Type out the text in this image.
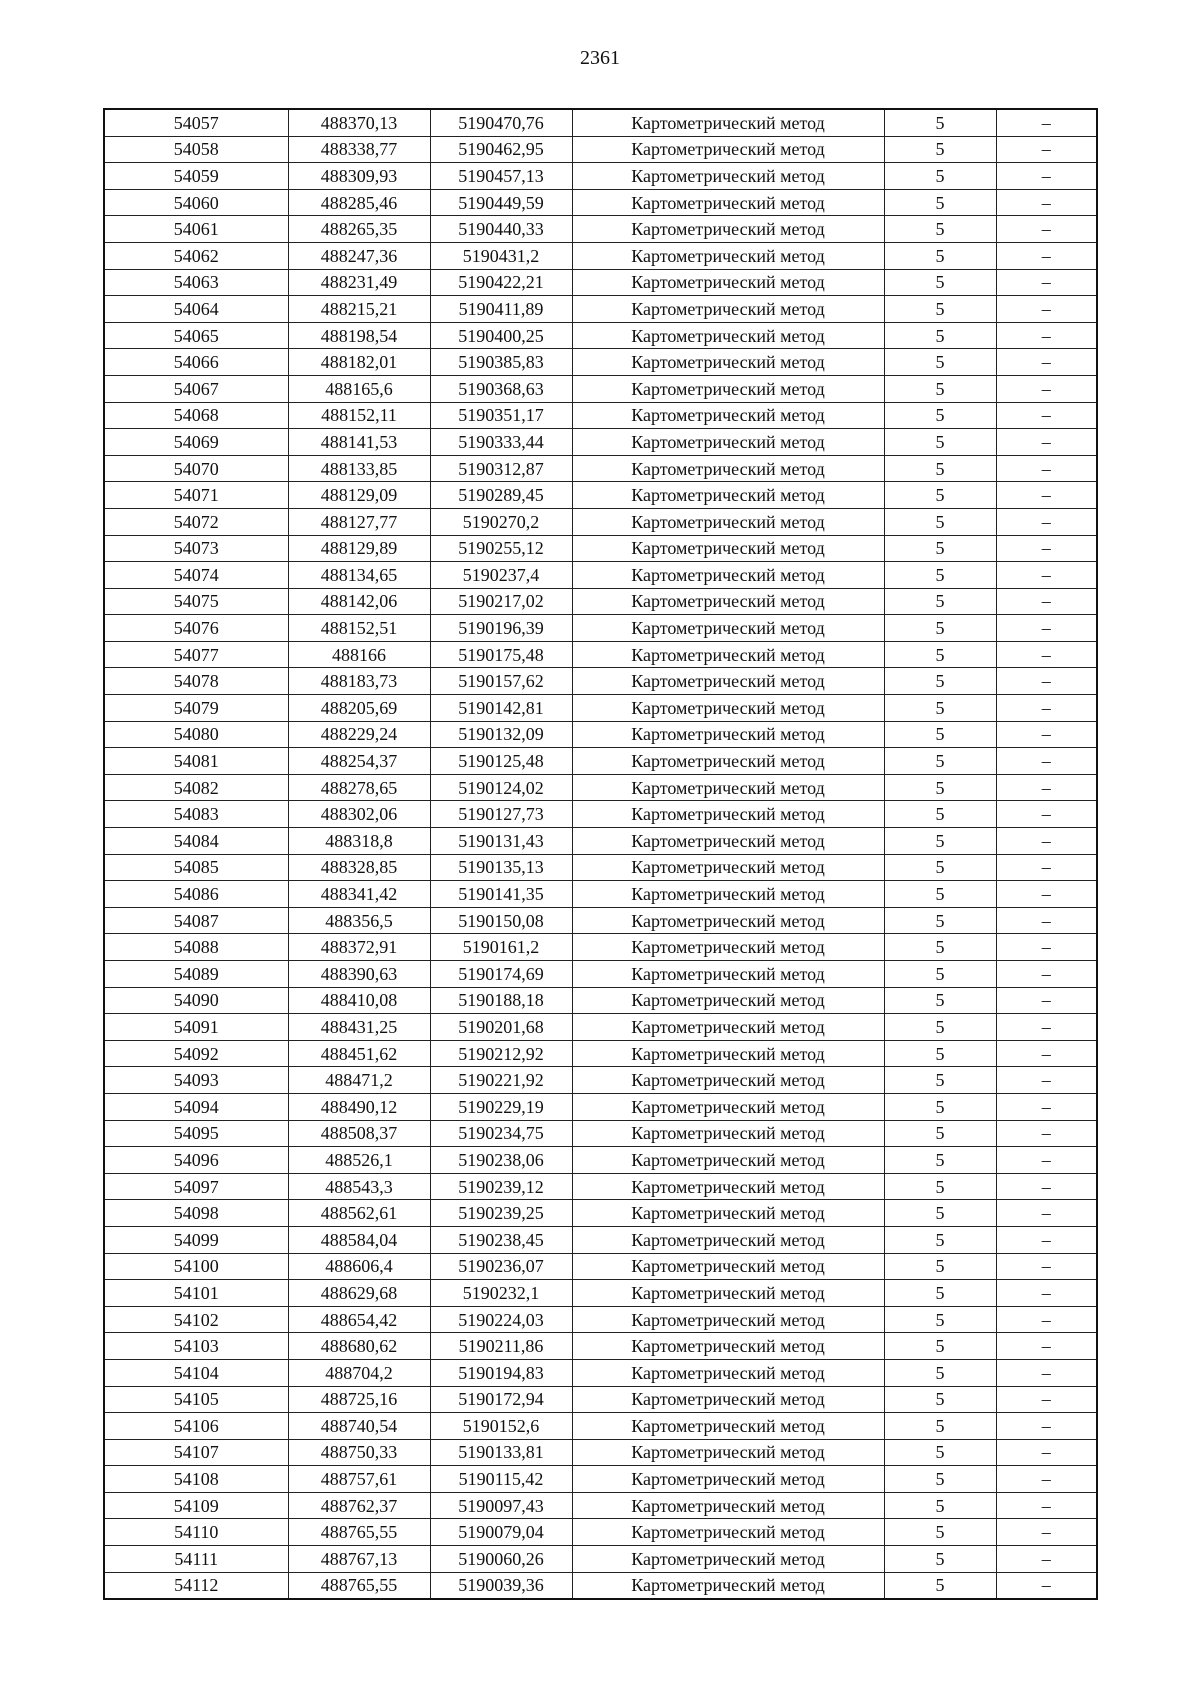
2361
54057	488370,13	5190470,76	Картометрический метод	5	–
54058	488338,77	5190462,95	Картометрический метод	5	–
54059	488309,93	5190457,13	Картометрический метод	5	–
54060	488285,46	5190449,59	Картометрический метод	5	–
54061	488265,35	5190440,33	Картометрический метод	5	–
54062	488247,36	5190431,2	Картометрический метод	5	–
54063	488231,49	5190422,21	Картометрический метод	5	–
54064	488215,21	5190411,89	Картометрический метод	5	–
54065	488198,54	5190400,25	Картометрический метод	5	–
54066	488182,01	5190385,83	Картометрический метод	5	–
54067	488165,6	5190368,63	Картометрический метод	5	–
54068	488152,11	5190351,17	Картометрический метод	5	–
54069	488141,53	5190333,44	Картометрический метод	5	–
54070	488133,85	5190312,87	Картометрический метод	5	–
54071	488129,09	5190289,45	Картометрический метод	5	–
54072	488127,77	5190270,2	Картометрический метод	5	–
54073	488129,89	5190255,12	Картометрический метод	5	–
54074	488134,65	5190237,4	Картометрический метод	5	–
54075	488142,06	5190217,02	Картометрический метод	5	–
54076	488152,51	5190196,39	Картометрический метод	5	–
54077	488166	5190175,48	Картометрический метод	5	–
54078	488183,73	5190157,62	Картометрический метод	5	–
54079	488205,69	5190142,81	Картометрический метод	5	–
54080	488229,24	5190132,09	Картометрический метод	5	–
54081	488254,37	5190125,48	Картометрический метод	5	–
54082	488278,65	5190124,02	Картометрический метод	5	–
54083	488302,06	5190127,73	Картометрический метод	5	–
54084	488318,8	5190131,43	Картометрический метод	5	–
54085	488328,85	5190135,13	Картометрический метод	5	–
54086	488341,42	5190141,35	Картометрический метод	5	–
54087	488356,5	5190150,08	Картометрический метод	5	–
54088	488372,91	5190161,2	Картометрический метод	5	–
54089	488390,63	5190174,69	Картометрический метод	5	–
54090	488410,08	5190188,18	Картометрический метод	5	–
54091	488431,25	5190201,68	Картометрический метод	5	–
54092	488451,62	5190212,92	Картометрический метод	5	–
54093	488471,2	5190221,92	Картометрический метод	5	–
54094	488490,12	5190229,19	Картометрический метод	5	–
54095	488508,37	5190234,75	Картометрический метод	5	–
54096	488526,1	5190238,06	Картометрический метод	5	–
54097	488543,3	5190239,12	Картометрический метод	5	–
54098	488562,61	5190239,25	Картометрический метод	5	–
54099	488584,04	5190238,45	Картометрический метод	5	–
54100	488606,4	5190236,07	Картометрический метод	5	–
54101	488629,68	5190232,1	Картометрический метод	5	–
54102	488654,42	5190224,03	Картометрический метод	5	–
54103	488680,62	5190211,86	Картометрический метод	5	–
54104	488704,2	5190194,83	Картометрический метод	5	–
54105	488725,16	5190172,94	Картометрический метод	5	–
54106	488740,54	5190152,6	Картометрический метод	5	–
54107	488750,33	5190133,81	Картометрический метод	5	–
54108	488757,61	5190115,42	Картометрический метод	5	–
54109	488762,37	5190097,43	Картометрический метод	5	–
54110	488765,55	5190079,04	Картометрический метод	5	–
54111	488767,13	5190060,26	Картометрический метод	5	–
54112	488765,55	5190039,36	Картометрический метод	5	–
